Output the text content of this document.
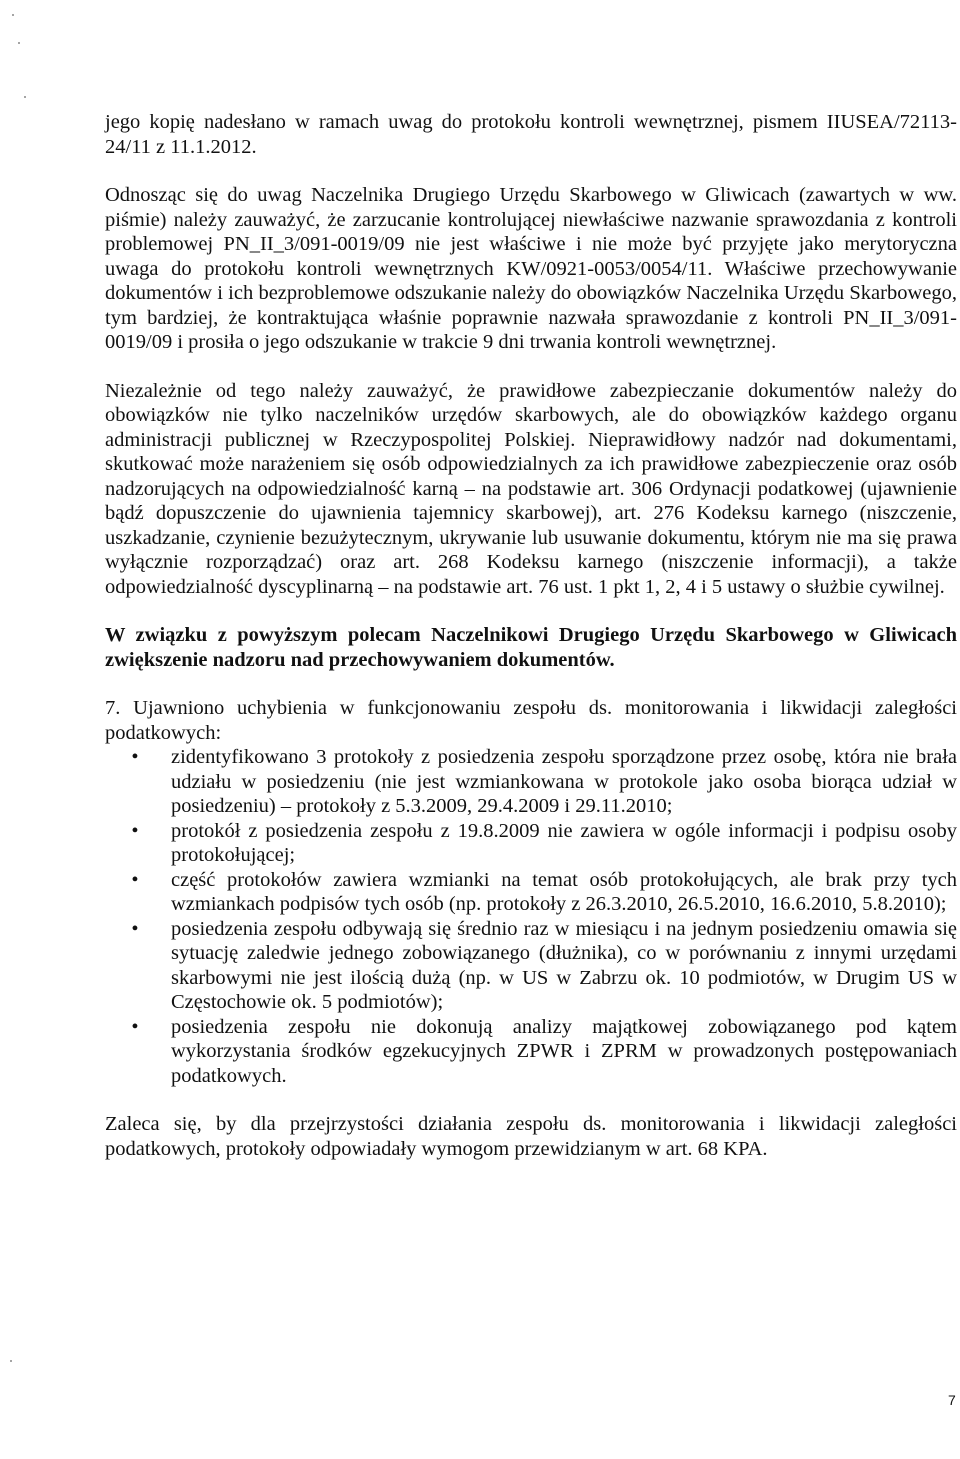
jego kopię nadesłano w ramach uwag do protokołu kontroli wewnętrznej, pismem IIUSEA/72113-24/11 z 11.1.2012.

Odnosząc się do uwag Naczelnika Drugiego Urzędu Skarbowego w Gliwicach (zawartych w ww. piśmie) należy zauważyć, że zarzucanie kontrolującej niewłaściwe nazwanie sprawozdania z kontroli problemowej PN_II_3/091-0019/09 nie jest właściwe i nie może być przyjęte jako merytoryczna uwaga do protokołu kontroli wewnętrznych KW/0921-0053/0054/11. Właściwe przechowywanie dokumentów i ich bezproblemowe odszukanie należy do obowiązków Naczelnika Urzędu Skarbowego, tym bardziej, że kontraktująca właśnie poprawnie nazwała sprawozdanie z kontroli PN_II_3/091-0019/09 i prosiła o jego odszukanie w trakcie 9 dni trwania kontroli wewnętrznej.

Niezależnie od tego należy zauważyć, że prawidłowe zabezpieczanie dokumentów należy do obowiązków nie tylko naczelników urzędów skarbowych, ale do obowiązków każdego organu administracji publicznej w Rzeczypospolitej Polskiej. Nieprawidłowy nadzór nad dokumentami, skutkować może narażeniem się osób odpowiedzialnych za ich prawidłowe zabezpieczenie oraz osób nadzorujących na odpowiedzialność karną – na podstawie art. 306 Ordynacji podatkowej (ujawnienie bądź dopuszczenie do ujawnienia tajemnicy skarbowej), art. 276 Kodeksu karnego (niszczenie, uszkadzanie, czynienie bezużytecznym, ukrywanie lub usuwanie dokumentu, którym nie ma się prawa wyłącznie rozporządzać) oraz art. 268 Kodeksu karnego (niszczenie informacji), a także odpowiedzialność dyscyplinarną – na podstawie art. 76 ust. 1 pkt 1, 2, 4 i 5 ustawy o służbie cywilnej.

W związku z powyższym polecam Naczelnikowi Drugiego Urzędu Skarbowego w Gliwicach zwiększenie nadzoru nad przechowywaniem dokumentów.

7. Ujawniono uchybienia w funkcjonowaniu zespołu ds. monitorowania i likwidacji zaległości podatkowych:

• zidentyfikowano 3 protokoły z posiedzenia zespołu sporządzone przez osobę, która nie brała udziału w posiedzeniu (nie jest wzmiankowana w protokole jako osoba biorąca udział w posiedzeniu) – protokoły z 5.3.2009, 29.4.2009 i 29.11.2010;
• protokół z posiedzenia zespołu z 19.8.2009 nie zawiera w ogóle informacji i podpisu osoby protokołującej;
• część protokołów zawiera wzmianki na temat osób protokołujących, ale brak przy tych wzmiankach podpisów tych osób (np. protokoły z 26.3.2010, 26.5.2010, 16.6.2010, 5.8.2010);
• posiedzenia zespołu odbywają się średnio raz w miesiącu i na jednym posiedzeniu omawia się sytuację zaledwie jednego zobowiązanego (dłużnika), co w porównaniu z innymi urzędami skarbowymi nie jest ilością dużą (np. w US w Zabrzu ok. 10 podmiotów, w Drugim US w Częstochowie ok. 5 podmiotów);
• posiedzenia zespołu nie dokonują analizy majątkowej zobowiązanego pod kątem wykorzystania środków egzekucyjnych ZPWR i ZPRM w prowadzonych postępowaniach podatkowych.

Zaleca się, by dla przejrzystości działania zespołu ds. monitorowania i likwidacji zaległości podatkowych, protokoły odpowiadały wymogom przewidzianym w art. 68 KPA.

7
